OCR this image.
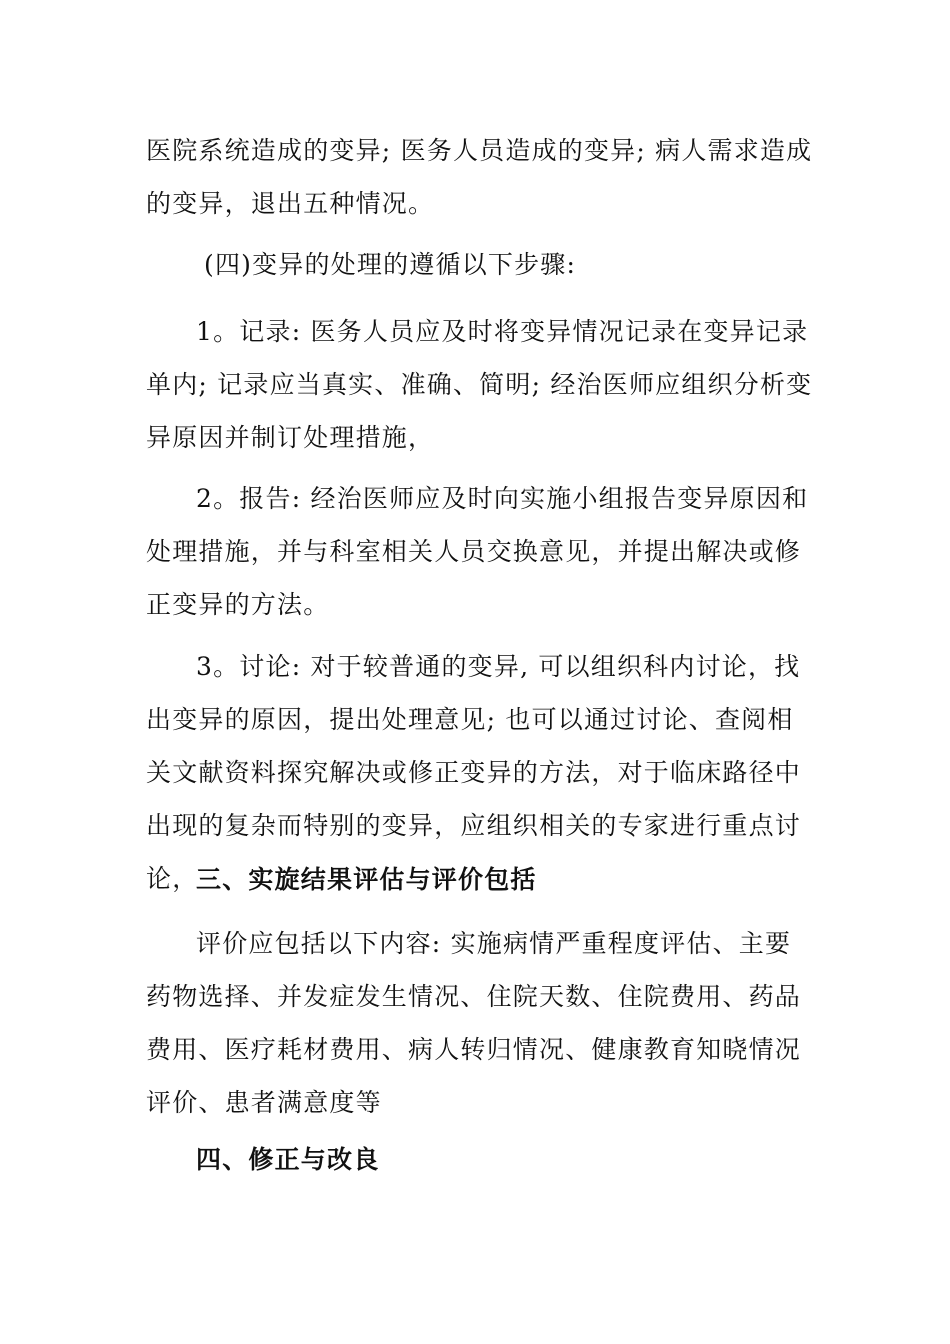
医院系统造成的变异; 医务人员造成的变异; 病人需求造成的变异，退出五种情况。

(四)变异的处理的遵循以下步骤:

1。记录: 医务人员应及时将变异情况记录在变异记录单内; 记录应当真实、准确、简明; 经治医师应组织分析变异原因并制订处理措施，

2。报告: 经治医师应及时向实施小组报告变异原因和处理措施，并与科室相关人员交换意见，并提出解决或修正变异的方法。

3。讨论: 对于较普通的变异, 可以组织科内讨论，找出变异的原因，提出处理意见; 也可以通过讨论、查阅相关文献资料探究解决或修正变异的方法，对于临床路径中出现的复杂而特别的变异，应组织相关的专家进行重点讨论，

三、实旋结果评估与评价包括

评价应包括以下内容: 实施病情严重程度评估、主要药物选择、并发症发生情况、住院天数、住院费用、药品费用、医疗耗材费用、病人转归情况、健康教育知晓情况评价、患者满意度等

四、修正与改良
